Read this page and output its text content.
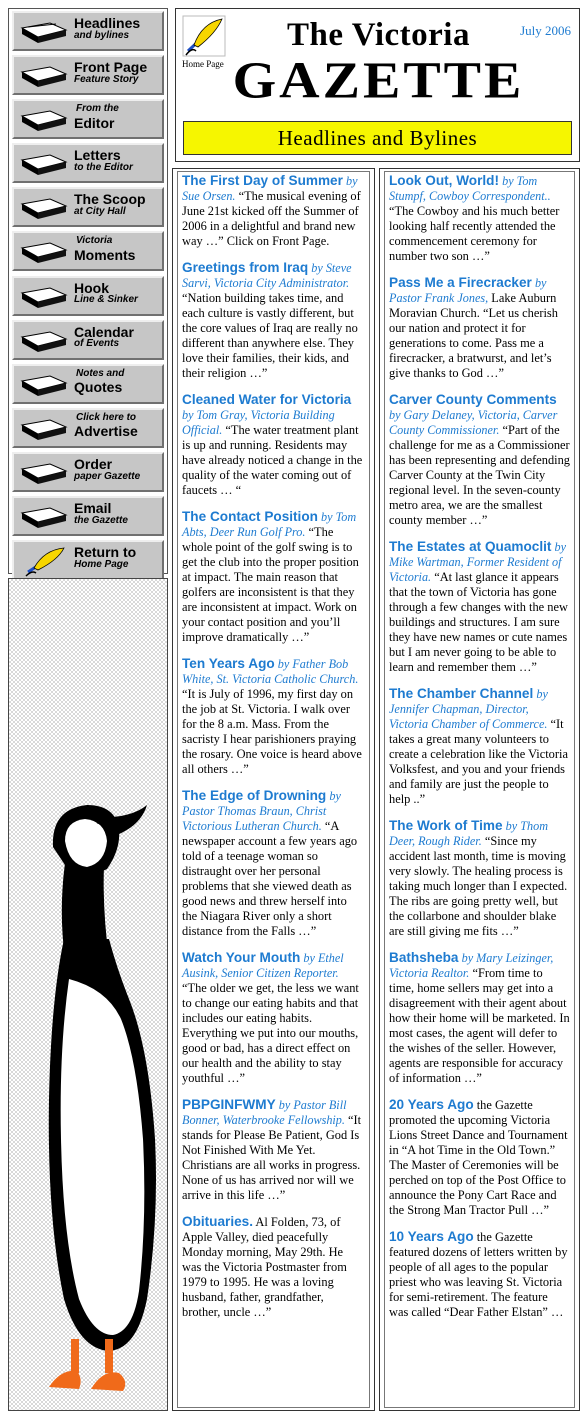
Headlines
and bylines
Front Page
Feature Story
From the
Editor
Letters
to the Editor
The Scoop
at City Hall
Victoria
Moments
Hook
Line & Sinker
Calendar
of Events
Notes and
Quotes
Click here to
Advertise
Order
paper Gazette
Email
the Gazette
Return to
Home Page
Home Page
July 2006
The Victoria
GAZETTE
Headlines and Bylines

The First Day of Summer by Sue Orsen. “The musical evening of June 21st kicked off the Summer of 2006 in a delightful and brand new way …” Click on Front Page.

Greetings from Iraq by Steve Sarvi, Victoria City Administrator. “Nation building takes time, and each culture is vastly different, but the core values of Iraq are really no different than anywhere else. They love their families, their kids, and their religion …”

Cleaned Water for Victoria by Tom Gray, Victoria Building Official. “The water treatment plant is up and running. Residents may have already noticed a change in the quality of the water coming out of faucets … “

The Contact Position by Tom Abts, Deer Run Golf Pro. “The whole point of the golf swing is to get the club into the proper position at impact. The main reason that golfers are inconsistent is that they are inconsistent at impact. Work on your contact position and you’ll improve dramatically …”

Ten Years Ago by Father Bob White, St. Victoria Catholic Church. “It is July of 1996, my first day on the job at St. Victoria. I walk over for the 8 a.m. Mass. From the sacristy I hear parishioners praying the rosary. One voice is heard above all others …”

The Edge of Drowning by Pastor Thomas Braun, Christ Victorious Lutheran Church. “A newspaper account a few years ago told of a teenage woman so distraught over her personal problems that she viewed death as good news and threw herself into the Niagara River only a short distance from the Falls …”

Watch Your Mouth by Ethel Ausink, Senior Citizen Reporter. “The older we get, the less we want to change our eating habits and that includes our eating habits. Everything we put into our mouths, good or bad, has a direct effect on our health and the ability to stay youthful …”

PBPGINFWMY by Pastor Bill Bonner, Waterbrooke Fellowship. “It stands for Please Be Patient, God Is Not Finished With Me Yet. Christians are all works in progress. None of us has arrived nor will we arrive in this life …”

Obituaries. Al Folden, 73, of Apple Valley, died peacefully Monday morning, May 29th. He was the Victoria Postmaster from 1979 to 1995. He was a loving husband, father, grandfather, brother, uncle …”

Look Out, World! by Tom Stumpf, Cowboy Correspondent.. “The Cowboy and his much better looking half recently attended the commencement ceremony for number two son …”

Pass Me a Firecracker by Pastor Frank Jones, Lake Auburn Moravian Church. “Let us cherish our nation and protect it for generations to come. Pass me a firecracker, a bratwurst, and let’s give thanks to God …”

Carver County Comments by Gary Delaney, Victoria, Carver County Commissioner. “Part of the challenge for me as a Commissioner has been representing and defending Carver County at the Twin City regional level. In the seven-county metro area, we are the smallest county member …”

The Estates at Quamoclit by Mike Wartman, Former Resident of Victoria. “At last glance it appears that the town of Victoria has gone through a few changes with the new buildings and structures. I am sure they have new names or cute names but I am never going to be able to learn and remember them …”

The Chamber Channel by Jennifer Chapman, Director, Victoria Chamber of Commerce. “It takes a great many volunteers to create a celebration like the Victoria Volksfest, and you and your friends and family are just the people to help ..”

The Work of Time by Thom Deer, Rough Rider. “Since my accident last month, time is moving very slowly. The healing process is taking much longer than I expected. The ribs are going pretty well, but the collarbone and shoulder blake are still giving me fits …”

Bathsheba by Mary Leizinger, Victoria Realtor. “From time to time, home sellers may get into a disagreement with their agent about how their home will be marketed. In most cases, the agent will defer to the wishes of the seller. However, agents are responsible for accuracy of information …”

20 Years Ago the Gazette promoted the upcoming Victoria Lions Street Dance and Tournament in “A hot Time in the Old Town.” The Master of Ceremonies will be perched on top of the Post Office to announce the Pony Cart Race and the Strong Man Tractor Pull …”

10 Years Ago the Gazette featured dozens of letters written by people of all ages to the popular priest who was leaving St. Victoria for semi-retirement. The feature was called “Dear Father Elstan” …
